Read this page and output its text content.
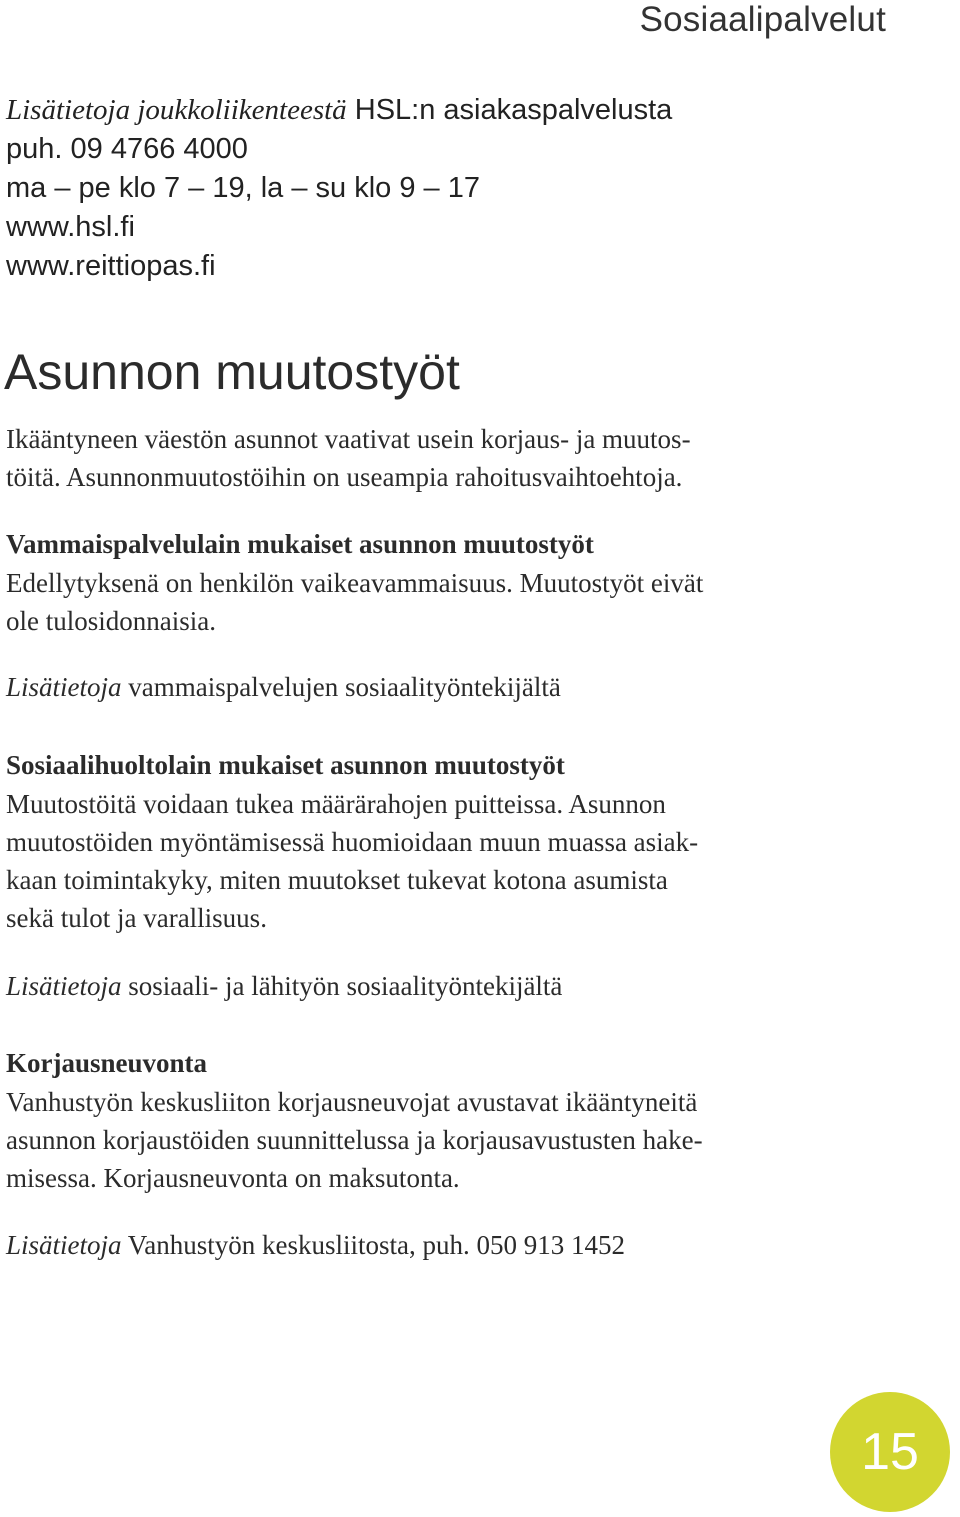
Sosiaalipalvelut
Lisätietoja joukkoliikenteestä HSL:n asiakaspalvelusta
puh. 09 4766 4000
ma – pe klo 7 – 19, la – su klo 9 – 17
www.hsl.fi
www.reittiopas.fi
Asunnon muutostyöt
Ikääntyneen väestön asunnot vaativat usein korjaus- ja muutos-
töitä. Asunnonmuutostöihin on useampia rahoitusvaihtoehtoja.
Vammaispalvelulain mukaiset asunnon muutostyöt
Edellytyksenä on henkilön vaikeavammaisuus. Muutostyöt eivät
ole tulosidonnaisia.
Lisätietoja vammaispalvelujen sosiaalityöntekijältä
Sosiaalihuoltolain mukaiset asunnon muutostyöt
Muutostöitä voidaan tukea määrärahojen puitteissa. Asunnon
muutostöiden myöntämisessä huomioidaan muun muassa asiak-
kaan toimintakyky, miten muutokset tukevat kotona asumista
sekä tulot ja varallisuus.
Lisätietoja sosiaali- ja lähityön sosiaalityöntekijältä
Korjausneuvonta
Vanhustyön keskusliiton korjausneuvojat avustavat ikääntyneitä
asunnon korjaustöiden suunnittelussa ja korjausavustusten hake-
misessa. Korjausneuvonta on maksutonta.
Lisätietoja Vanhustyön keskusliitosta, puh. 050 913 1452
15
